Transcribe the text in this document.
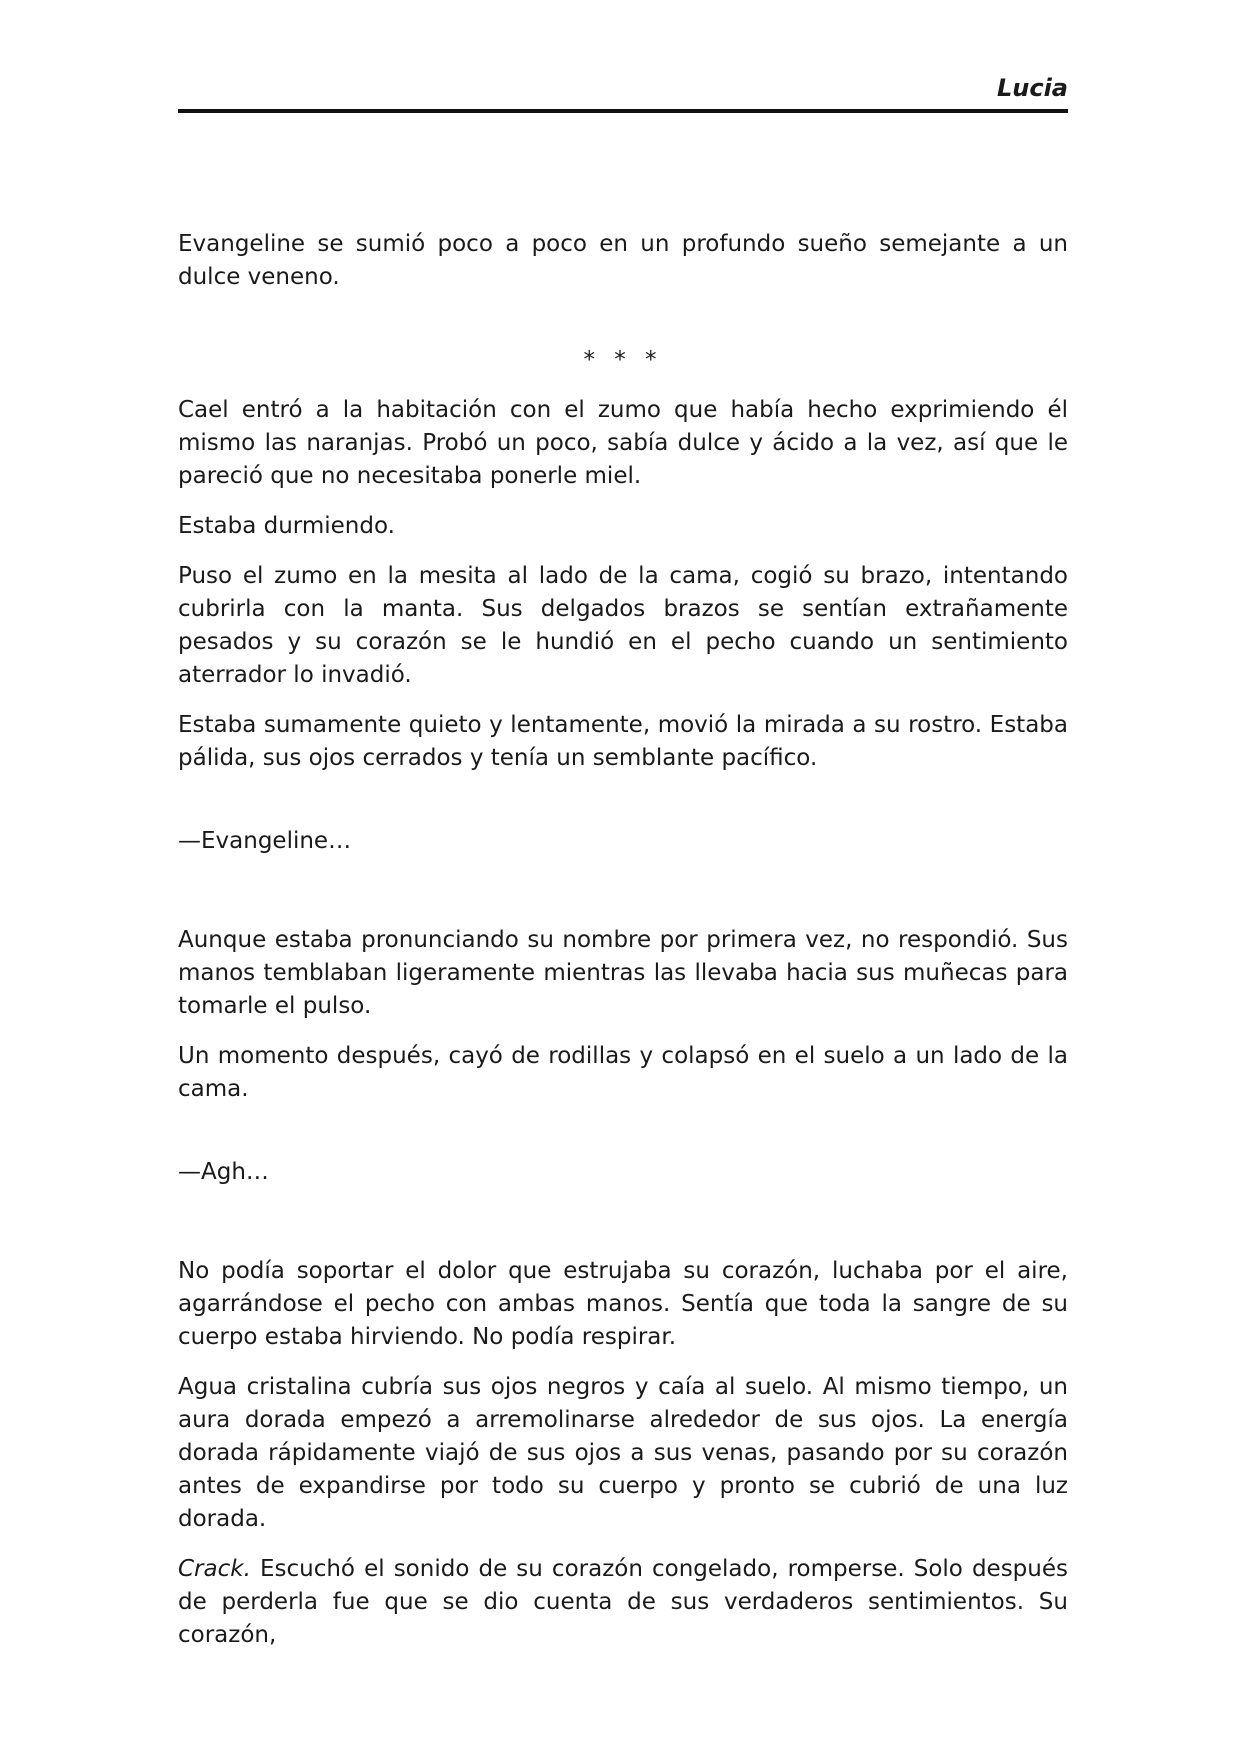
Lucia

Evangeline se sumió poco a poco en un profundo sueño semejante a un dulce veneno.

* * *

Cael entró a la habitación con el zumo que había hecho exprimiendo él mismo las naranjas. Probó un poco, sabía dulce y ácido a la vez, así que le pareció que no necesitaba ponerle miel.

Estaba durmiendo.

Puso el zumo en la mesita al lado de la cama, cogió su brazo, intentando cubrirla con la manta. Sus delgados brazos se sentían extrañamente pesados y su corazón se le hundió en el pecho cuando un sentimiento aterrador lo invadió.

Estaba sumamente quieto y lentamente, movió la mirada a su rostro. Estaba pálida, sus ojos cerrados y tenía un semblante pacífico.

—Evangeline…

Aunque estaba pronunciando su nombre por primera vez, no respondió. Sus manos temblaban ligeramente mientras las llevaba hacia sus muñecas para tomarle el pulso.

Un momento después, cayó de rodillas y colapsó en el suelo a un lado de la cama.

—Agh…

No podía soportar el dolor que estrujaba su corazón, luchaba por el aire, agarrándose el pecho con ambas manos. Sentía que toda la sangre de su cuerpo estaba hirviendo. No podía respirar.

Agua cristalina cubría sus ojos negros y caía al suelo. Al mismo tiempo, un aura dorada empezó a arremolinarse alrededor de sus ojos. La energía dorada rápidamente viajó de sus ojos a sus venas, pasando por su corazón antes de expandirse por todo su cuerpo y pronto se cubrió de una luz dorada.

Crack. Escuchó el sonido de su corazón congelado, romperse. Solo después de perderla fue que se dio cuenta de sus verdaderos sentimientos. Su corazón,
